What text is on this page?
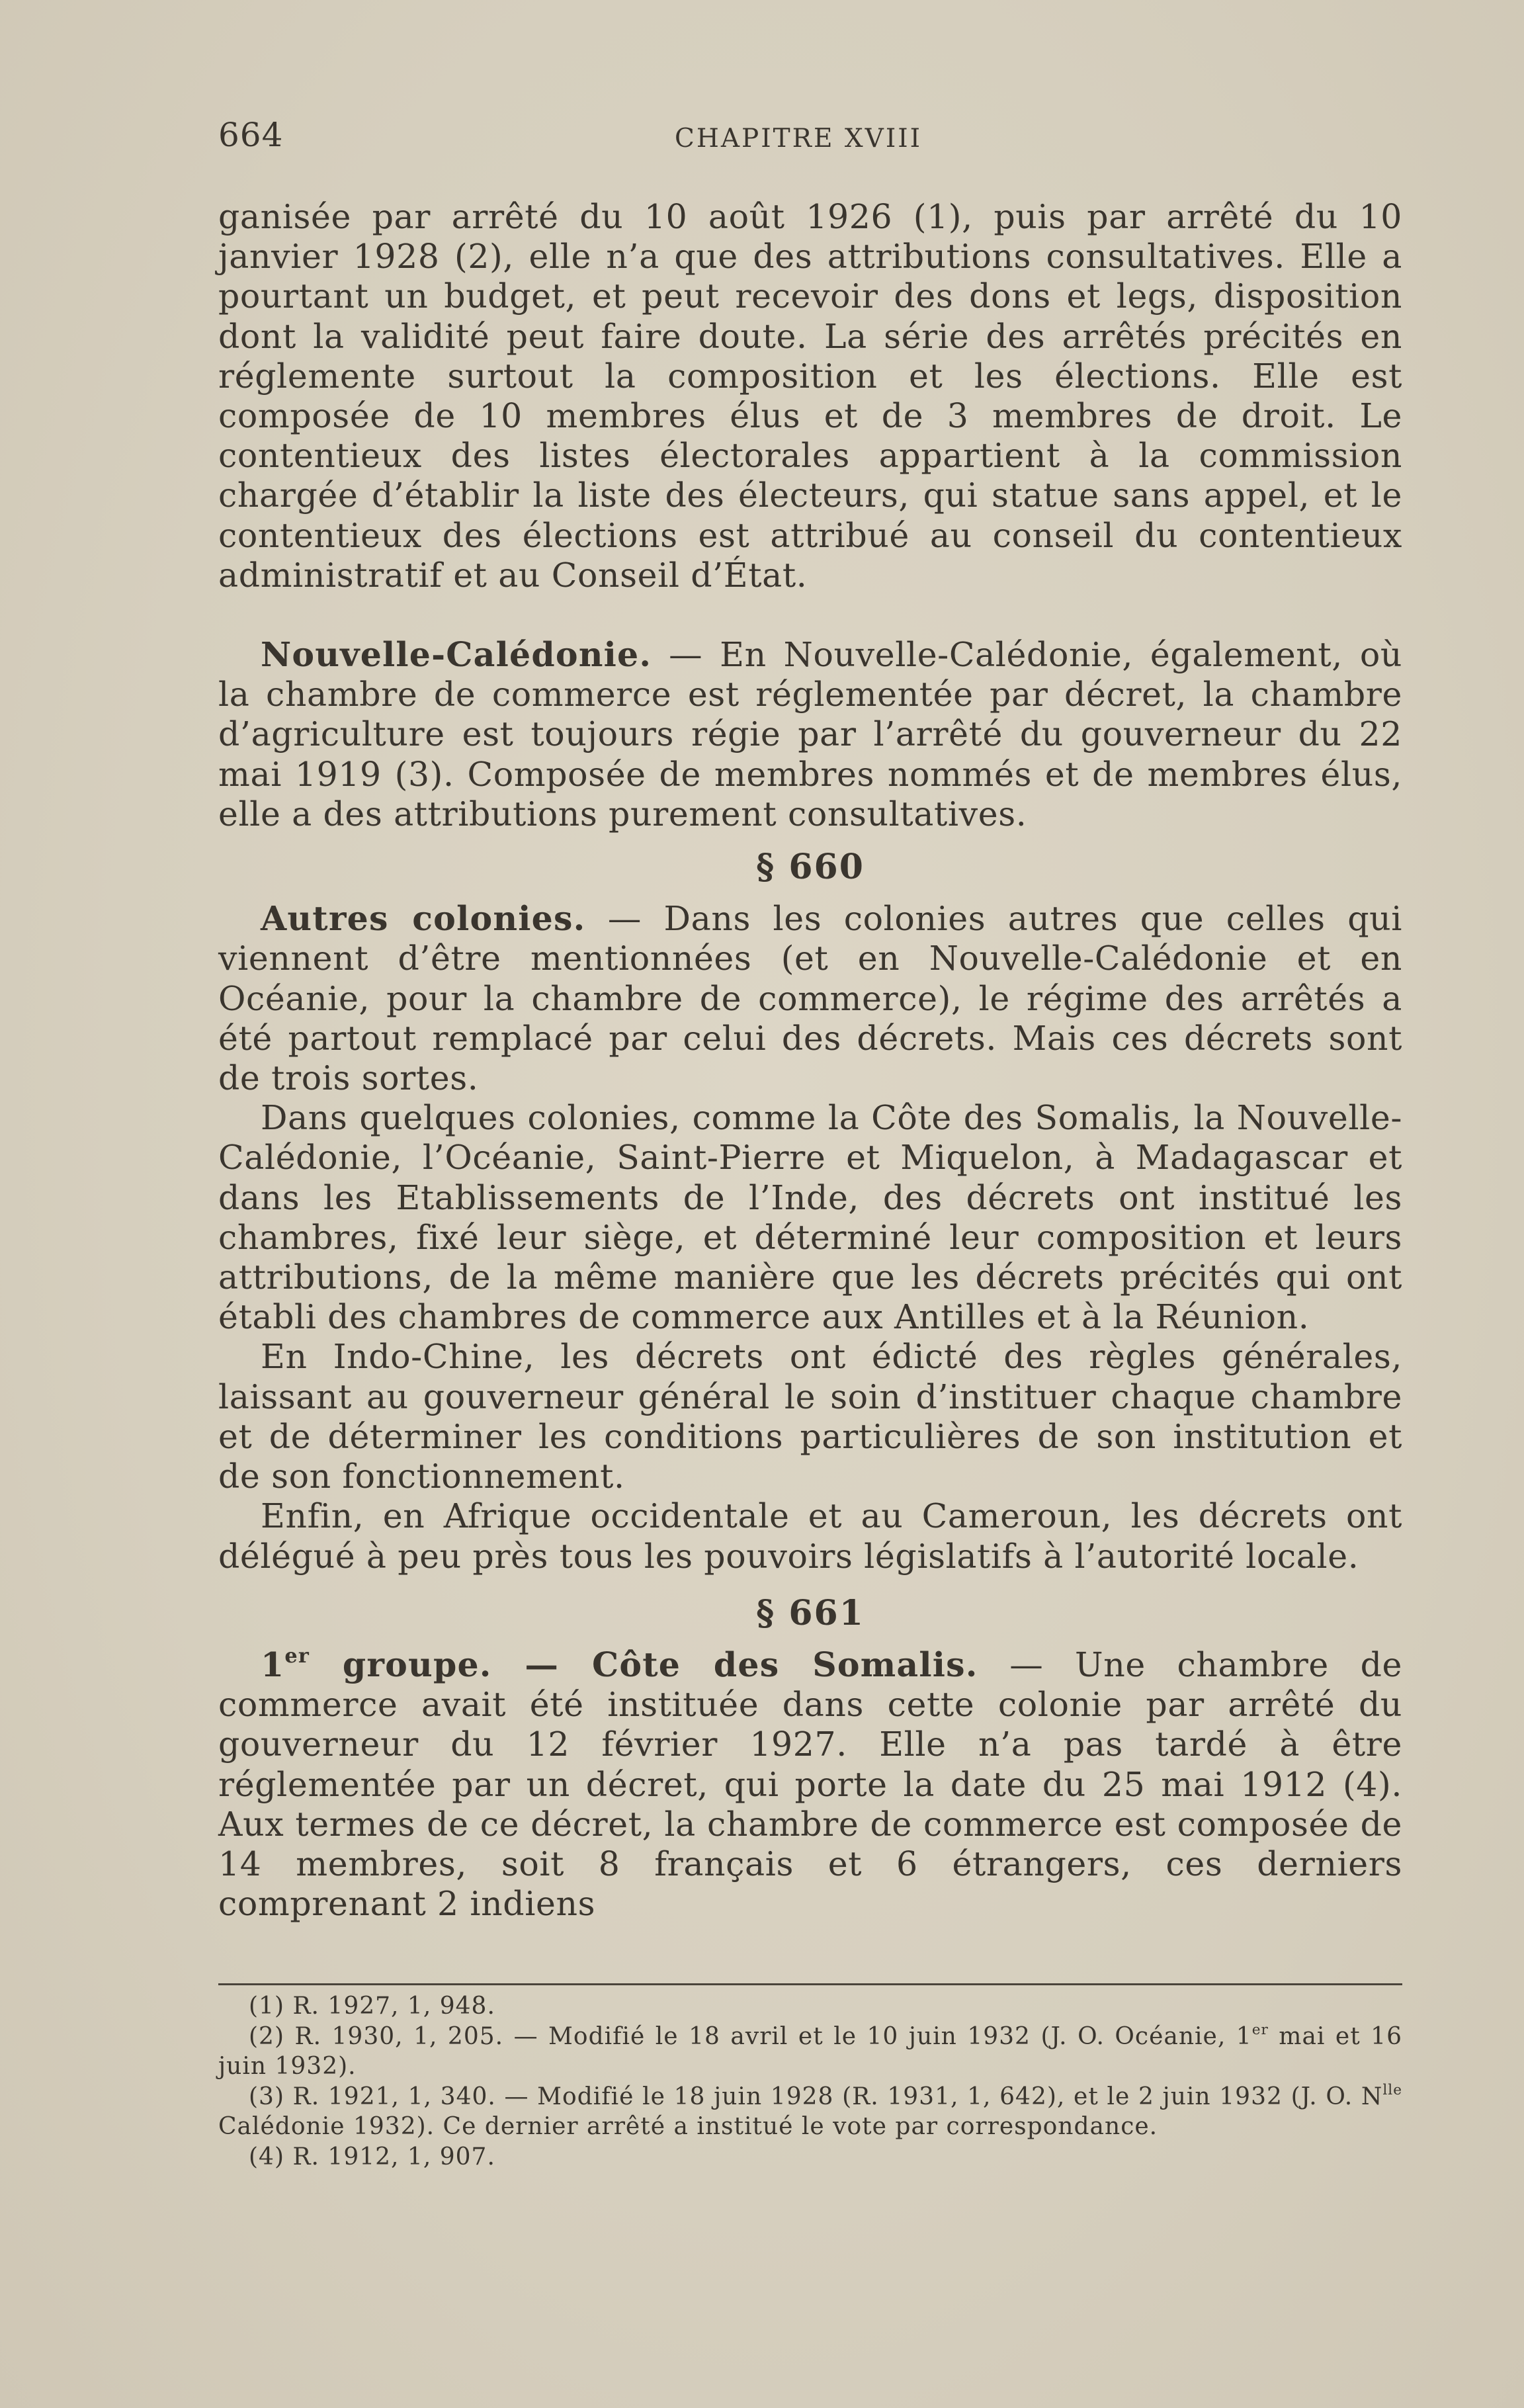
664	CHAPITRE XVIII

ganisée par arrêté du 10 août 1926 (1), puis par arrêté du 10 janvier 1928 (2), elle n’a que des attributions consultatives. Elle a pourtant un budget, et peut recevoir des dons et legs, disposition dont la validité peut faire doute. La série des arrêtés précités en réglemente surtout la composition et les élections. Elle est composée de 10 membres élus et de 3 membres de droit. Le contentieux des listes électorales appartient à la commission chargée d’établir la liste des électeurs, qui statue sans appel, et le contentieux des élections est attribué au conseil du contentieux administratif et au Conseil d’État.

Nouvelle-Calédonie. — En Nouvelle-Calédonie, également, où la chambre de commerce est réglementée par décret, la chambre d’agriculture est toujours régie par l’arrêté du gouverneur du 22 mai 1919 (3). Composée de membres nommés et de membres élus, elle a des attributions purement consultatives.

§ 660

Autres colonies. — Dans les colonies autres que celles qui viennent d’être mentionnées (et en Nouvelle-Calédonie et en Océanie, pour la chambre de commerce), le régime des arrêtés a été partout remplacé par celui des décrets. Mais ces décrets sont de trois sortes.

Dans quelques colonies, comme la Côte des Somalis, la Nouvelle-Calédonie, l’Océanie, Saint-Pierre et Miquelon, à Madagascar et dans les Etablissements de l’Inde, des décrets ont institué les chambres, fixé leur siège, et déterminé leur composition et leurs attributions, de la même manière que les décrets précités qui ont établi des chambres de commerce aux Antilles et à la Réunion.

En Indo-Chine, les décrets ont édicté des règles générales, laissant au gouverneur général le soin d’instituer chaque chambre et de déterminer les conditions particulières de son institution et de son fonctionnement.

Enfin, en Afrique occidentale et au Cameroun, les décrets ont délégué à peu près tous les pouvoirs législatifs à l’autorité locale.

§ 661

1er groupe. — Côte des Somalis. — Une chambre de commerce avait été instituée dans cette colonie par arrêté du gouverneur du 12 février 1927. Elle n’a pas tardé à être réglementée par un décret, qui porte la date du 25 mai 1912 (4). Aux termes de ce décret, la chambre de commerce est composée de 14 membres, soit 8 français et 6 étrangers, ces derniers comprenant 2 indiens

(1) R. 1927, 1, 948.

(2) R. 1930, 1, 205. — Modifié le 18 avril et le 10 juin 1932 (J. O. Océanie, 1er mai et 16 juin 1932).

(3) R. 1921, 1, 340. — Modifié le 18 juin 1928 (R. 1931, 1, 642), et le 2 juin 1932 (J. O. $N^{lle}$ Calédonie 1932). Ce dernier arrêté a institué le vote par correspondance.

(4) R. 1912, 1, 907.
